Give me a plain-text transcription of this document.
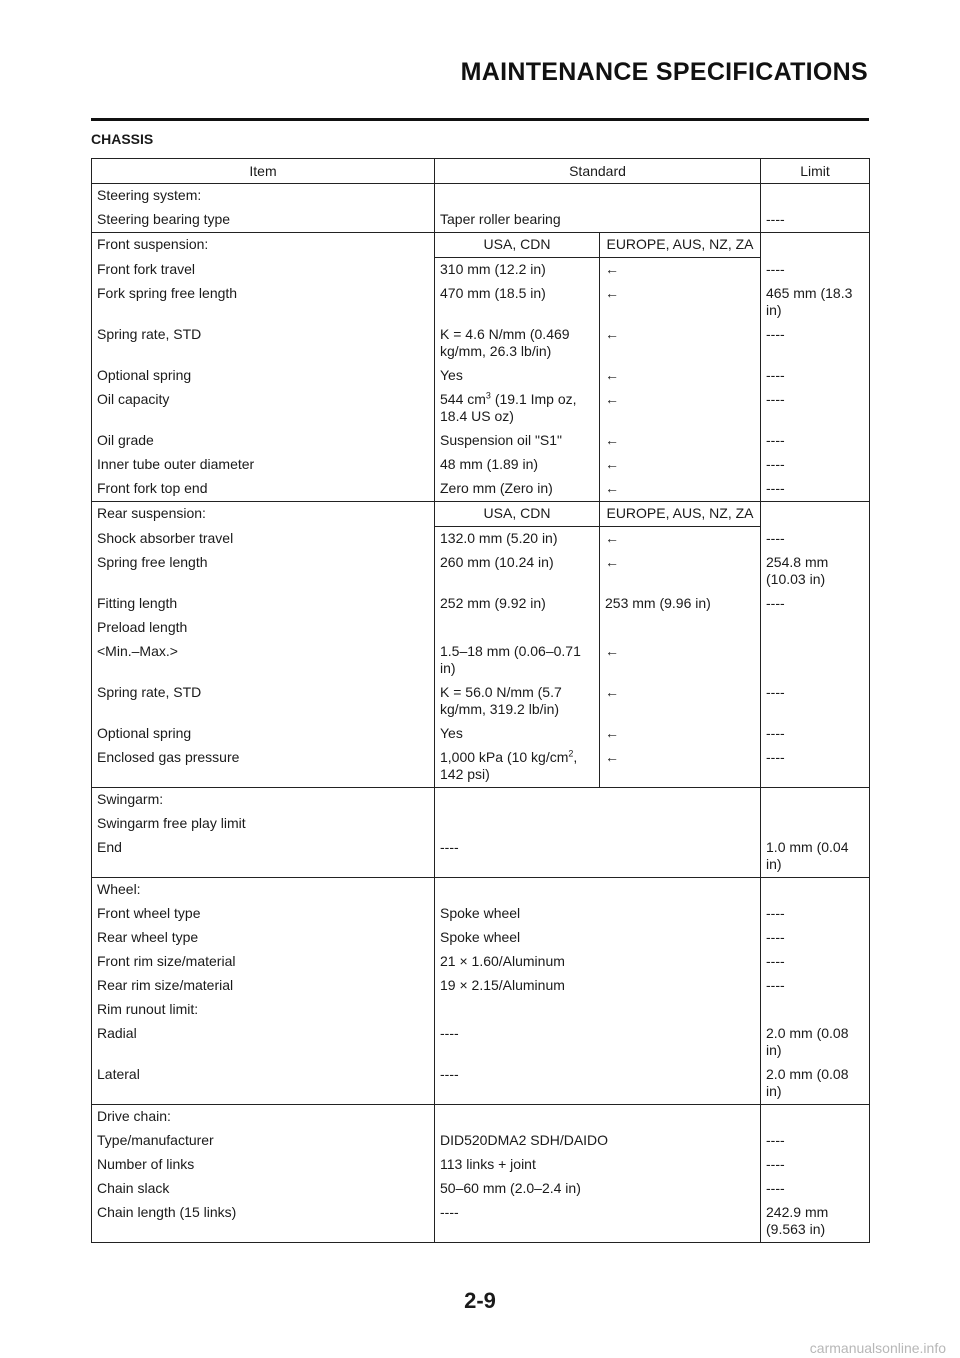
MAINTENANCE SPECIFICATIONS
CHASSIS
Item	Standard		Limit
Steering system:			
Steering bearing type	Taper roller bearing		----
Front suspension:	USA, CDN	EUROPE, AUS, NZ, ZA	
Front fork travel	310 mm (12.2 in)	←	----
Fork spring free length	470 mm (18.5 in)	←	465 mm (18.3 in)
Spring rate, STD	K = 4.6 N/mm (0.469 kg/mm, 26.3 lb/in)	←	----
Optional spring	Yes	←	----
Oil capacity	544 $cm^3$ (19.1 Imp oz, 18.4 US oz)	←	----
Oil grade	Suspension oil "S1"	←	----
Inner tube outer diameter	48 mm (1.89 in)	←	----
Front fork top end	Zero mm (Zero in)	←	----
Rear suspension:	USA, CDN	EUROPE, AUS, NZ, ZA	
Shock absorber travel	132.0 mm (5.20 in)	←	----
Spring free length	260 mm (10.24 in)	←	254.8 mm (10.03 in)
Fitting length	252 mm (9.92 in)	253 mm (9.96 in)	----
Preload length			
<Min.–Max.>	1.5–18 mm (0.06–0.71 in)	←	
Spring rate, STD	K = 56.0 N/mm (5.7 kg/mm, 319.2 lb/in)	←	----
Optional spring	Yes	←	----
Enclosed gas pressure	1,000 kPa (10 $kg/cm^2$, 142 psi)	←	----
Swingarm:			
Swingarm free play limit			
End	----		1.0 mm (0.04 in)
Wheel:			
Front wheel type	Spoke wheel		----
Rear wheel type	Spoke wheel		----
Front rim size/material	21 × 1.60/Aluminum		----
Rear rim size/material	19 × 2.15/Aluminum		----
Rim runout limit:			
Radial	----		2.0 mm (0.08 in)
Lateral	----		2.0 mm (0.08 in)
Drive chain:			
Type/manufacturer	DID520DMA2 SDH/DAIDO		----
Number of links	113 links + joint		----
Chain slack	50–60 mm (2.0–2.4 in)		----
Chain length (15 links)	----		242.9 mm (9.563 in)
2-9
carmanualsonline.info
